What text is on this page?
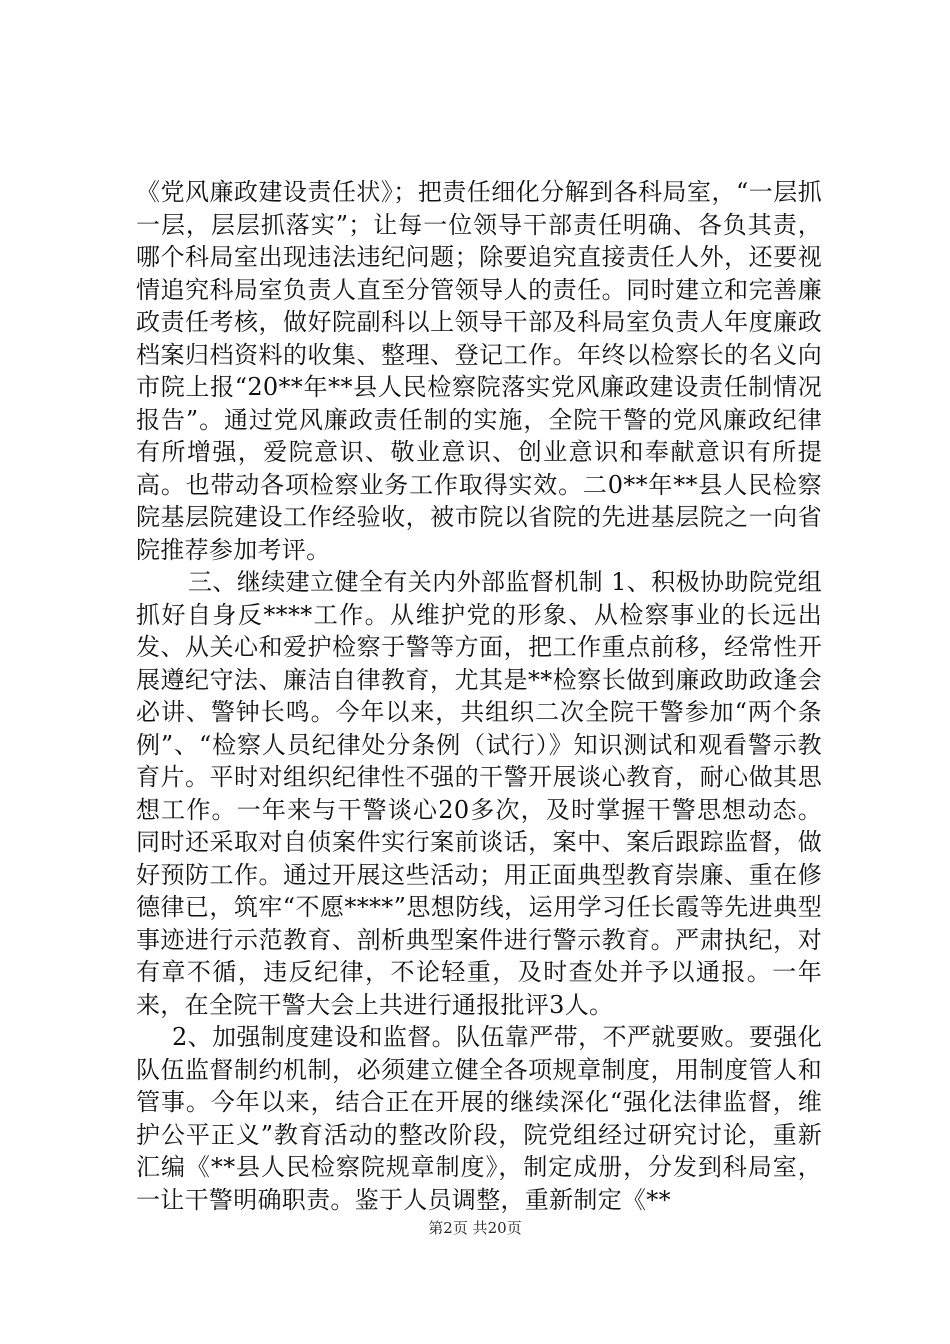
《党风廉政建设责任状》；把责任细化分解到各科局室，“一层抓一层，层层抓落实”；让每一位领导干部责任明确、各负其责，哪个科局室出现违法违纪问题；除要追究直接责任人外，还要视情追究科局室负责人直至分管领导人的责任。同时建立和完善廉政责任考核，做好院副科以上领导干部及科局室负责人年度廉政档案归档资料的收集、整理、登记工作。年终以检察长的名义向市院上报“20**年**县人民检察院落实党风廉政建设责任制情况报告”。通过党风廉政责任制的实施，全院干警的党风廉政纪律有所增强，爱院意识、敬业意识、创业意识和奉献意识有所提高。也带动各项检察业务工作取得实效。二0**年**县人民检察院基层院建设工作经验收，被市院以省院的先进基层院之一向省院推荐参加考评。

三、继续建立健全有关内外部监督机制 1、积极协助院党组抓好自身反****工作。从维护党的形象、从检察事业的长远出发、从关心和爱护检察于警等方面，把工作重点前移，经常性开展遵纪守法、廉洁自律教育，尤其是**检察长做到廉政助政逢会必讲、警钟长鸣。今年以来，共组织二次全院干警参加“两个条例”、“检察人员纪律处分条例（试行）》知识测试和观看警示教育片。平时对组织纪律性不强的干警开展谈心教育，耐心做其思想工作。一年来与干警谈心20多次，及时掌握干警思想动态。同时还采取对自侦案件实行案前谈话，案中、案后跟踪监督，做好预防工作。通过开展这些活动；用正面典型教育崇廉、重在修德律已，筑牢“不愿****”思想防线，运用学习任长霞等先进典型事迹进行示范教育、剖析典型案件进行警示教育。严肃执纪，对有章不循，违反纪律，不论轻重，及时查处并予以通报。一年来，在全院干警大会上共进行通报批评3人。

2、加强制度建设和监督。队伍靠严带，不严就要败。要强化队伍监督制约机制，必须建立健全各项规章制度，用制度管人和管事。今年以来，结合正在开展的继续深化“强化法律监督，维护公平正义”教育活动的整改阶段，院党组经过研究讨论，重新汇编《**县人民检察院规章制度》，制定成册，分发到科局室，一让干警明确职责。鉴于人员调整，重新制定《**

第2页 共20页
